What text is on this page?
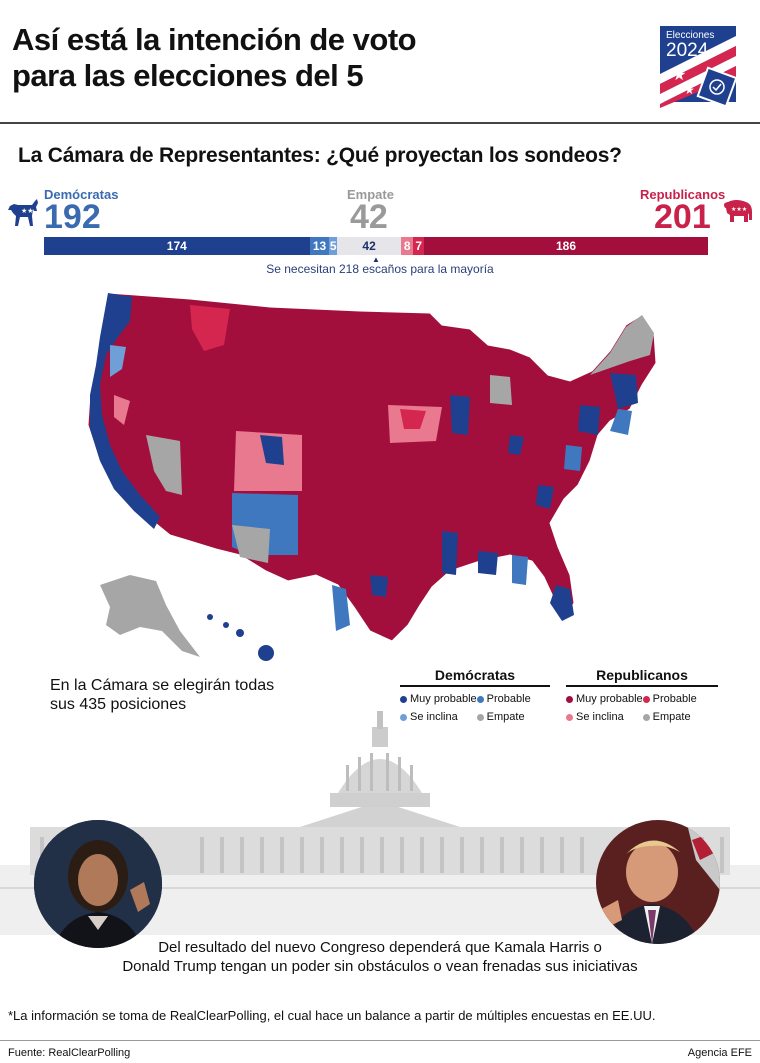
Así está la intención de voto
para las elecciones del 5	★
★
Elecciones
2024
La Cámara de Representantes: ¿Qué proyectan los sondeos?
★★
Demócratas
192
Empate
42
Republicanos
201	★★★
174	13 5	42	8 7	186
▲
Se necesitan 218 escaños para la mayoría
En la Cámara se elegirán todas
sus 435 posiciones
Demócratas
Muy probable Probable
Se inclina	Empate
Republicanos
Muy probable Probable
Se inclina	Empate
Del resultado del nuevo Congreso dependerá que Kamala Harris o
Donald Trump tengan un poder sin obstáculos o vean frenadas sus iniciativas
*La información se toma de RealClearPolling, el cual hace un balance a partir de múltiples encuestas en EE.UU.
Fuente: RealClearPolling	Agencia EFE
